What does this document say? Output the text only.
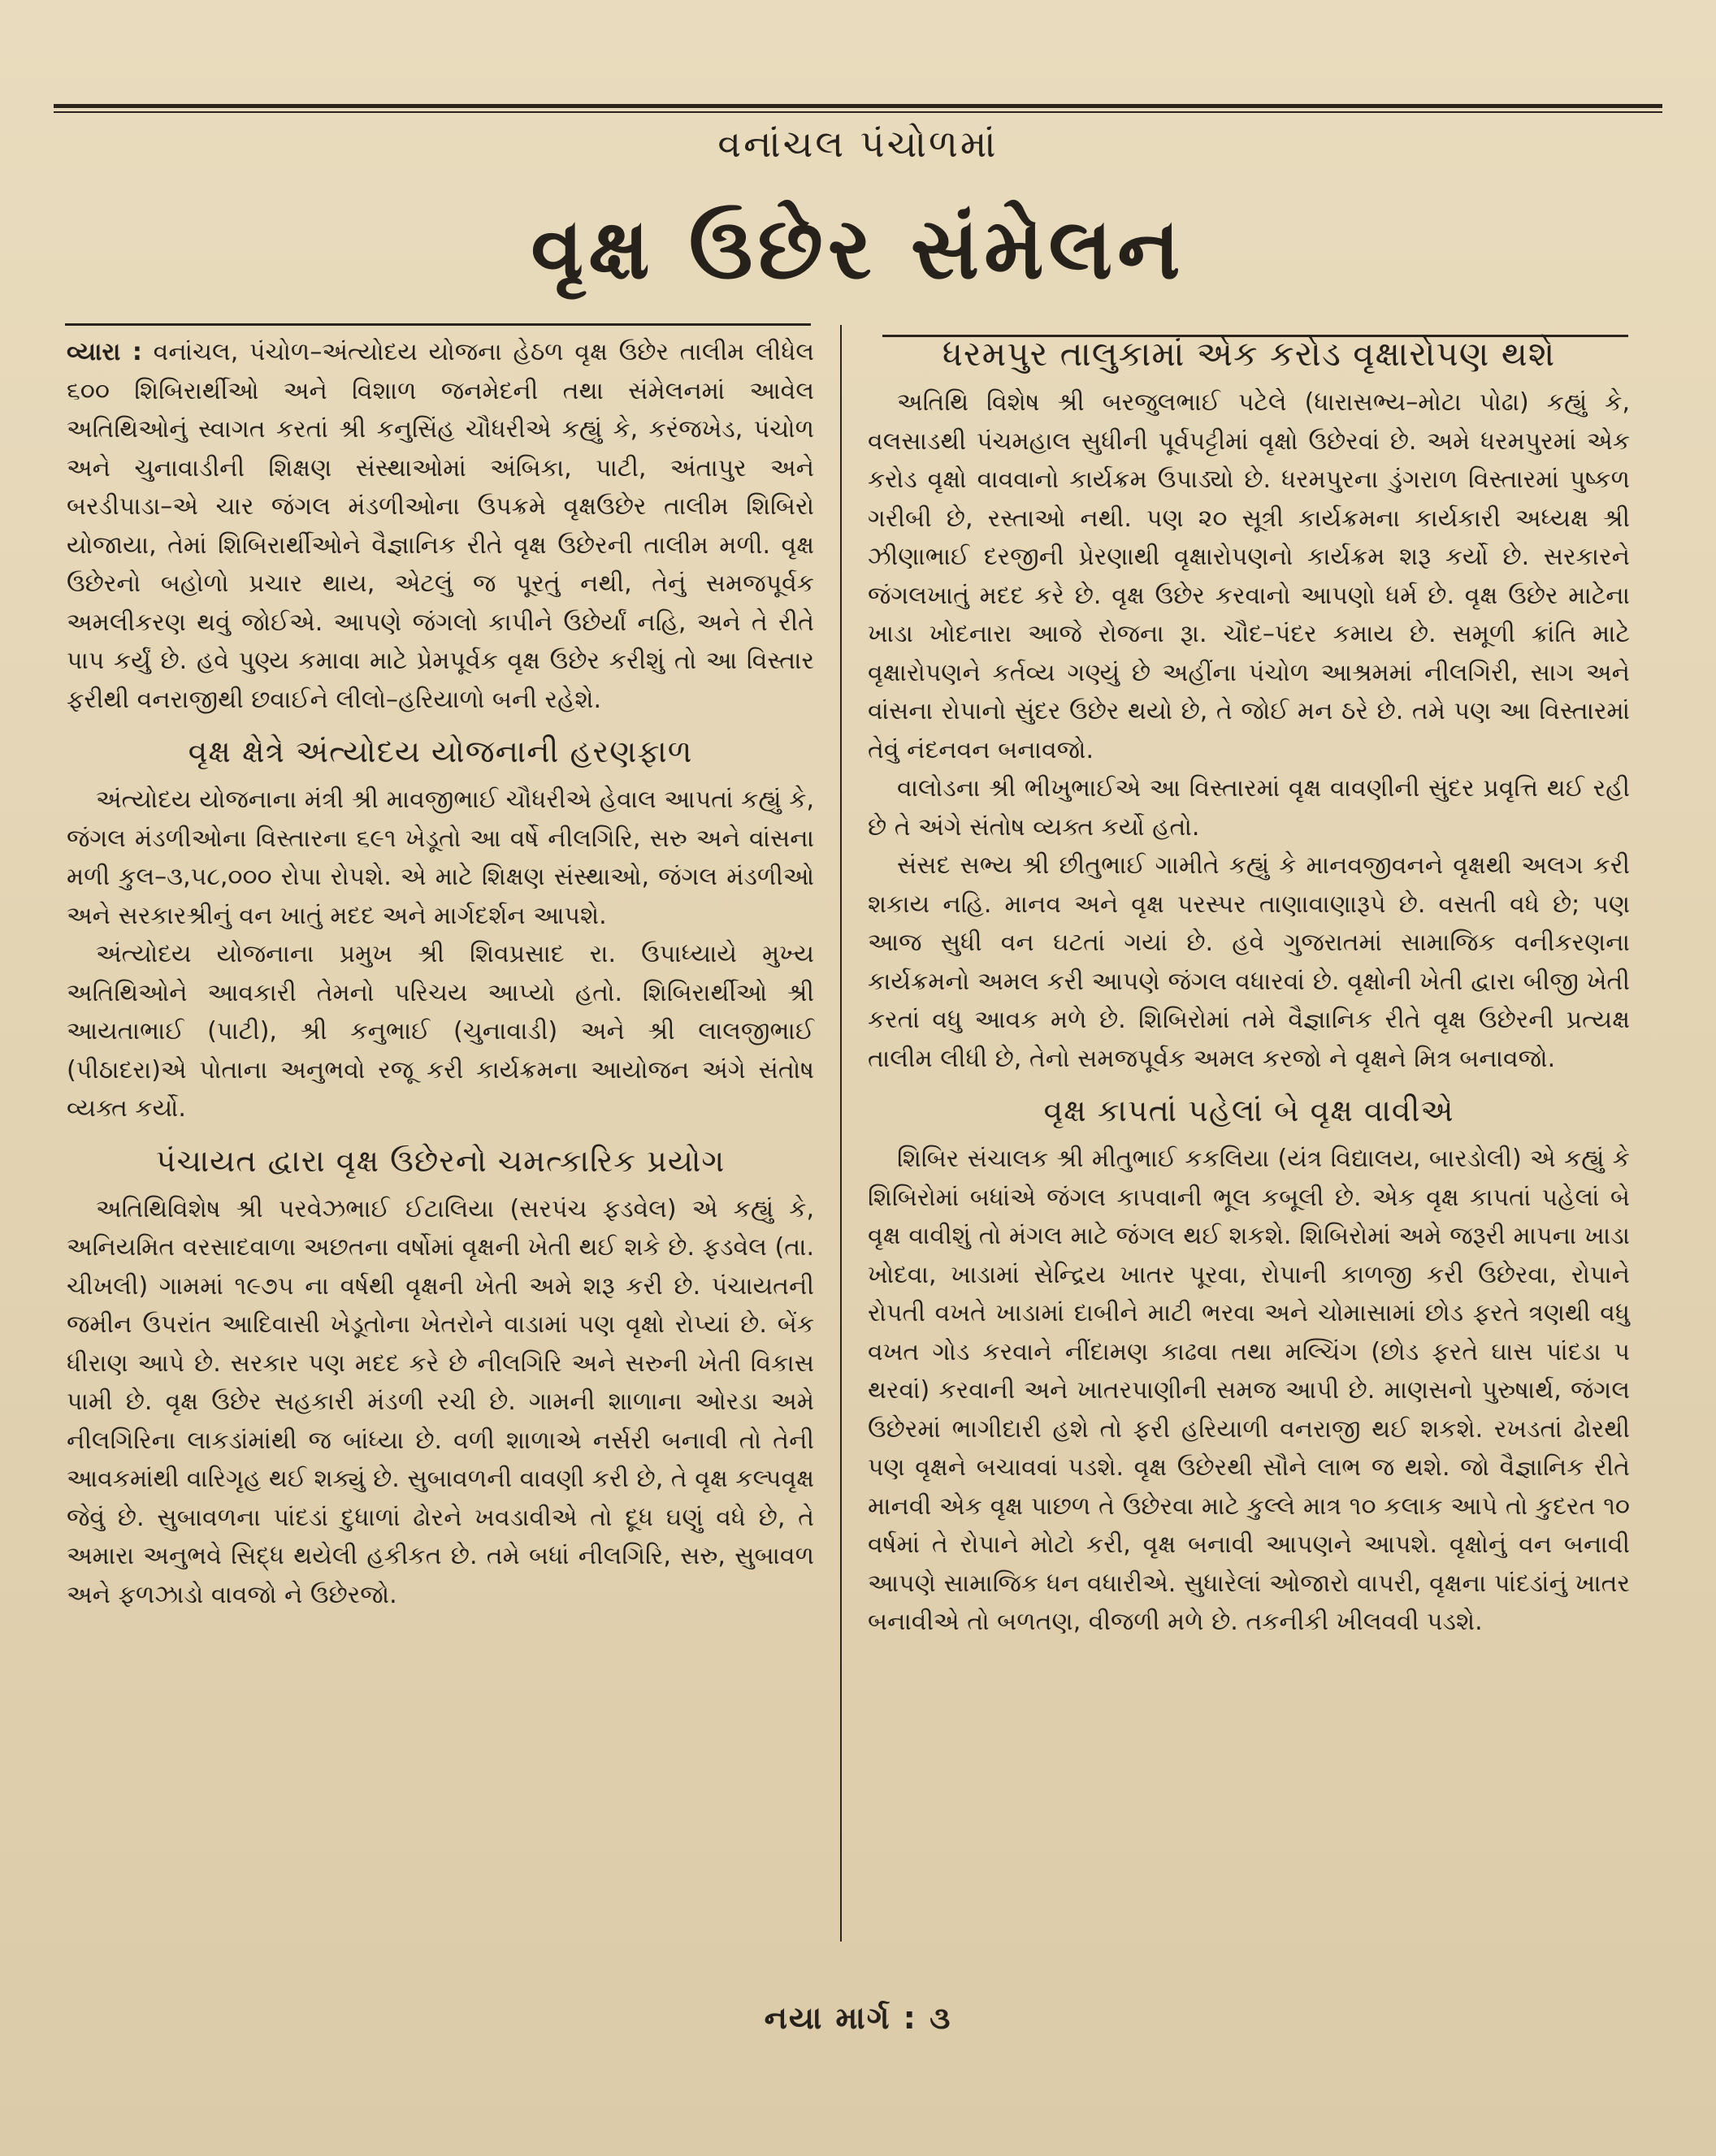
વનાંચલ પંચોળમાં
વૃક્ષ ઉછેર સંમેલન

વ્યારા : વનાંચલ, પંચોળ–અંત્યોદય યોજના હેઠળ વૃક્ષ ઉછેર તાલીમ લીધેલ ૬૦૦ શિબિરાર્થીઓ અને વિશાળ જનમેદની તથા સંમેલનમાં આવેલ અતિથિઓનું સ્વાગત કરતાં શ્રી કનુસિંહ ચૌધરીએ કહ્યું કે, કરંજખેડ, પંચોળ અને ચુનાવાડીની શિક્ષણ સંસ્થાઓમાં અંબિકા, પાટી, અંતાપુર અને બરડીપાડા–એ ચાર જંગલ મંડળીઓના ઉપક્રમે વૃક્ષઉછેર તાલીમ શિબિરો યોજાયા, તેમાં શિબિરાર્થીઓને વૈજ્ઞાનિક રીતે વૃક્ષ ઉછેરની તાલીમ મળી. વૃક્ષ ઉછેરનો બહોળો પ્રચાર થાય, એટલું જ પૂરતું નથી, તેનું સમજપૂર્વક અમલીકરણ થવું જોઈએ. આપણે જંગલો કાપીને ઉછેર્યાં નહિ, અને તે રીતે પાપ કર્યું છે. હવે પુણ્ય કમાવા માટે પ્રેમપૂર્વક વૃક્ષ ઉછેર કરીશું તો આ વિસ્તાર ફરીથી વનરાજીથી છવાઈને લીલો–હરિયાળો બની રહેશે.

વૃક્ષ ક્ષેત્રે અંત્યોદય યોજનાની હરણફાળ

અંત્યોદય યોજનાના મંત્રી શ્રી માવજીભાઈ ચૌધરીએ હેવાલ આપતાં કહ્યું કે, જંગલ મંડળીઓના વિસ્તારના ૬૯૧ ખેડૂતો આ વર્ષે નીલગિરિ, સરુ અને વાંસના મળી કુલ–૩,૫૮,૦૦૦ રોપા રોપશે. એ માટે શિક્ષણ સંસ્થાઓ, જંગલ મંડળીઓ અને સરકારશ્રીનું વન ખાતું મદદ અને માર્ગદર્શન આપશે.

અંત્યોદય યોજનાના પ્રમુખ શ્રી શિવપ્રસાદ રા. ઉપાધ્યાયે મુખ્ય અતિથિઓને આવકારી તેમનો પરિચય આપ્યો હતો. શિબિરાર્થીઓ શ્રી આયતાભાઈ (પાટી), શ્રી કનુભાઈ (ચુનાવાડી) અને શ્રી લાલજીભાઈ (પીઠાદરા)એ પોતાના અનુભવો રજૂ કરી કાર્યક્રમના આયોજન અંગે સંતોષ વ્યક્ત કર્યો.

પંચાયત દ્વારા વૃક્ષ ઉછેરનો ચમત્કારિક પ્રયોગ

અતિથિવિશેષ શ્રી પરવેઝભાઈ ઈટાલિયા (સરપંચ ફડવેલ) એ કહ્યું કે, અનિયમિત વરસાદવાળા અછતના વર્ષોમાં વૃક્ષની ખેતી થઈ શકે છે. ફડવેલ (તા. ચીખલી) ગામમાં ૧૯૭૫ ના વર્ષથી વૃક્ષની ખેતી અમે શરૂ કરી છે. પંચાયતની જમીન ઉપરાંત આદિવાસી ખેડૂતોના ખેતરોને વાડામાં પણ વૃક્ષો રોપ્યાં છે. બેંક ધીરાણ આપે છે. સરકાર પણ મદદ કરે છે નીલગિરિ અને સરુની ખેતી વિકાસ પામી છે. વૃક્ષ ઉછેર સહકારી મંડળી રચી છે. ગામની શાળાના ઓરડા અમે નીલગિરિના લાકડાંમાંથી જ બાંધ્યા છે. વળી શાળાએ નર્સરી બનાવી તો તેની આવકમાંથી વારિગૃહ થઈ શક્યું છે. સુબાવળની વાવણી કરી છે, તે વૃક્ષ કલ્પવૃક્ષ જેવું છે. સુબાવળના પાંદડાં દુધાળાં ઢોરને ખવડાવીએ તો દૂધ ઘણું વધે છે, તે અમારા અનુભવે સિદ્ધ થયેલી હકીકત છે. તમે બધાં નીલગિરિ, સરુ, સુબાવળ અને ફળઝાડો વાવજો ને ઉછેરજો.

ધરમપુર તાલુકામાં એક કરોડ વૃક્ષારોપણ થશે

અતિથિ વિશેષ શ્રી બરજુલભાઈ પટેલે (ધારાસભ્ય–મોટા પોઢા) કહ્યું કે, વલસાડથી પંચમહાલ સુધીની પૂર્વપટ્ટીમાં વૃક્ષો ઉછેરવાં છે. અમે ધરમપુરમાં એક કરોડ વૃક્ષો વાવવાનો કાર્યક્રમ ઉપાડ્યો છે. ધરમપુરના ડુંગરાળ વિસ્તારમાં પુષ્કળ ગરીબી છે, રસ્તાઓ નથી. પણ ૨૦ સૂત્રી કાર્યક્રમના કાર્યકારી અધ્યક્ષ શ્રી ઝીણાભાઈ દરજીની પ્રેરણાથી વૃક્ષારોપણનો કાર્યક્રમ શરૂ કર્યો છે. સરકારને જંગલખાતું મદદ કરે છે. વૃક્ષ ઉછેર કરવાનો આપણો ધર્મ છે. વૃક્ષ ઉછેર માટેના ખાડા ખોદનારા આજે રોજના રૂા. ચૌદ–પંદર કમાય છે. સમૂળી ક્રાંતિ માટે વૃક્ષારોપણને કર્તવ્ય ગણ્યું છે અહીંના પંચોળ આશ્રમમાં નીલગિરી, સાગ અને વાંસના રોપાનો સુંદર ઉછેર થયો છે, તે જોઈ મન ઠરે છે. તમે પણ આ વિસ્તારમાં તેવું નંદનવન બનાવજો.

વાલોડના શ્રી ભીખુભાઈએ આ વિસ્તારમાં વૃક્ષ વાવણીની સુંદર પ્રવૃત્તિ થઈ રહી છે તે અંગે સંતોષ વ્યક્ત કર્યો હતો.

સંસદ સભ્ય શ્રી છીતુભાઈ ગામીતે કહ્યું કે માનવજીવનને વૃક્ષથી અલગ કરી શકાય નહિ. માનવ અને વૃક્ષ પરસ્પર તાણાવાણારૂપે છે. વસતી વધે છે; પણ આજ સુધી વન ઘટતાં ગયાં છે. હવે ગુજરાતમાં સામાજિક વનીકરણના કાર્યક્રમનો અમલ કરી આપણે જંગલ વધારવાં છે. વૃક્ષોની ખેતી દ્વારા બીજી ખેતી કરતાં વધુ આવક મળે છે. શિબિરોમાં તમે વૈજ્ઞાનિક રીતે વૃક્ષ ઉછેરની પ્રત્યક્ષ તાલીમ લીધી છે, તેનો સમજપૂર્વક અમલ કરજો ને વૃક્ષને મિત્ર બનાવજો.

વૃક્ષ કાપતાં પહેલાં બે વૃક્ષ વાવીએ

શિબિર સંચાલક શ્રી મીતુભાઈ કકલિયા (યંત્ર વિદ્યાલય, બારડોલી) એ કહ્યું કે શિબિરોમાં બધાંએ જંગલ કાપવાની ભૂલ કબૂલી છે. એક વૃક્ષ કાપતાં પહેલાં બે વૃક્ષ વાવીશું તો મંગલ માટે જંગલ થઈ શકશે. શિબિરોમાં અમે જરૂરી માપના ખાડા ખોદવા, ખાડામાં સેન્દ્રિય ખાતર પૂરવા, રોપાની કાળજી કરી ઉછેરવા, રોપાને રોપતી વખતે ખાડામાં દાબીને માટી ભરવા અને ચોમાસામાં છોડ ફરતે ત્રણથી વધુ વખત ગોડ કરવાને નીંદામણ કાઢવા તથા મલ્ચિંગ (છોડ ફરતે ઘાસ પાંદડા પ થરવાં) કરવાની અને ખાતરપાણીની સમજ આપી છે. માણસનો પુરુષાર્થ, જંગલ ઉછેરમાં ભાગીદારી હશે તો ફરી હરિયાળી વનરાજી થઈ શકશે. રખડતાં ઢોરથી પણ વૃક્ષને બચાવવાં પડશે. વૃક્ષ ઉછેરથી સૌને લાભ જ થશે. જો વૈજ્ઞાનિક રીતે માનવી એક વૃક્ષ પાછળ તે ઉછેરવા માટે કુલ્લે માત્ર ૧૦ કલાક આપે તો કુદરત ૧૦ વર્ષમાં તે રોપાને મોટો કરી, વૃક્ષ બનાવી આપણને આપશે. વૃક્ષોનું વન બનાવી આપણે સામાજિક ધન વધારીએ. સુધારેલાં ઓજારો વાપરી, વૃક્ષના પાંદડાંનું ખાતર બનાવીએ તો બળતણ, વીજળી મળે છે. તકનીકી ખીલવવી પડશે.

નયા માર્ગ : ૩
